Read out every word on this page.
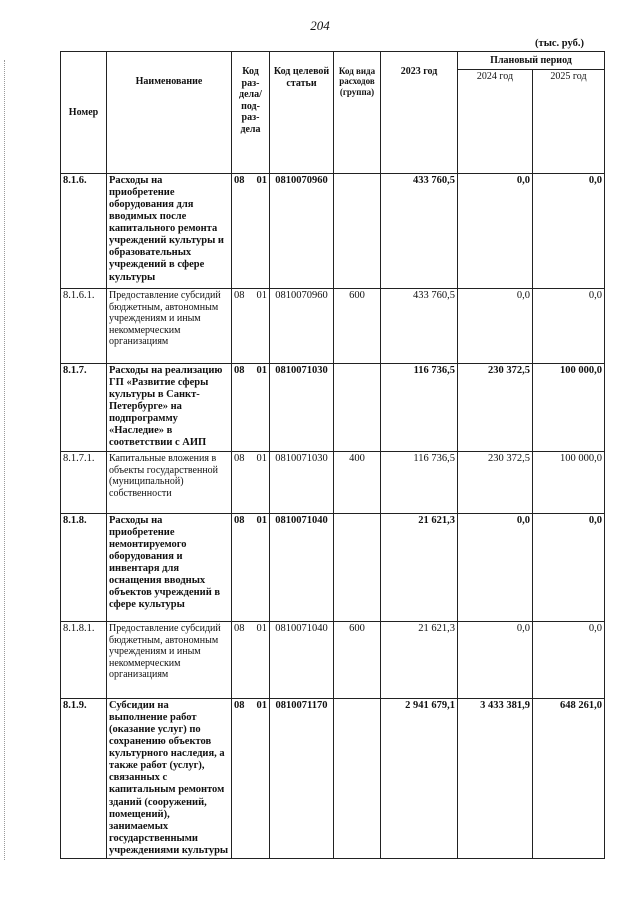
204
(тыс. руб.)
Номер	Наименование	Код раз-дела/ под-раз-дела	Код целевой статьи	Код вида расходов (группа)	2023 год	Плановый период	
						2024 год	2025 год
8.1.6.	Расходы на приобретение оборудования для вводимых после капитального ремонта учреждений культуры и образовательных учреждений в сфере культуры	08 01	0810070960		433 760,5	0,0	0,0
8.1.6.1.	Предоставление субсидий бюджетным, автономным учреждениям и иным некоммерческим организациям	08 01	0810070960	600	433 760,5	0,0	0,0
8.1.7.	Расходы на реализацию ГП «Развитие сферы культуры в Санкт-Петербурге» на подпрограмму «Наследие» в соответствии с АИП	08 01	0810071030		116 736,5	230 372,5	100 000,0
8.1.7.1.	Капитальные вложения в объекты государственной (муниципальной) собственности	08 01	0810071030	400	116 736,5	230 372,5	100 000,0
8.1.8.	Расходы на приобретение немонтируемого оборудования и инвентаря для оснащения вводных объектов учреждений в сфере культуры	08 01	0810071040		21 621,3	0,0	0,0
8.1.8.1.	Предоставление субсидий бюджетным, автономным учреждениям и иным некоммерческим организациям	08 01	0810071040	600	21 621,3	0,0	0,0
8.1.9.	Субсидии на выполнение работ (оказание услуг) по сохранению объектов культурного наследия, а также работ (услуг), связанных с капитальным ремонтом зданий (сооружений, помещений), занимаемых государственными учреждениями культуры	08 01	0810071170		2 941 679,1	3 433 381,9	648 261,0
